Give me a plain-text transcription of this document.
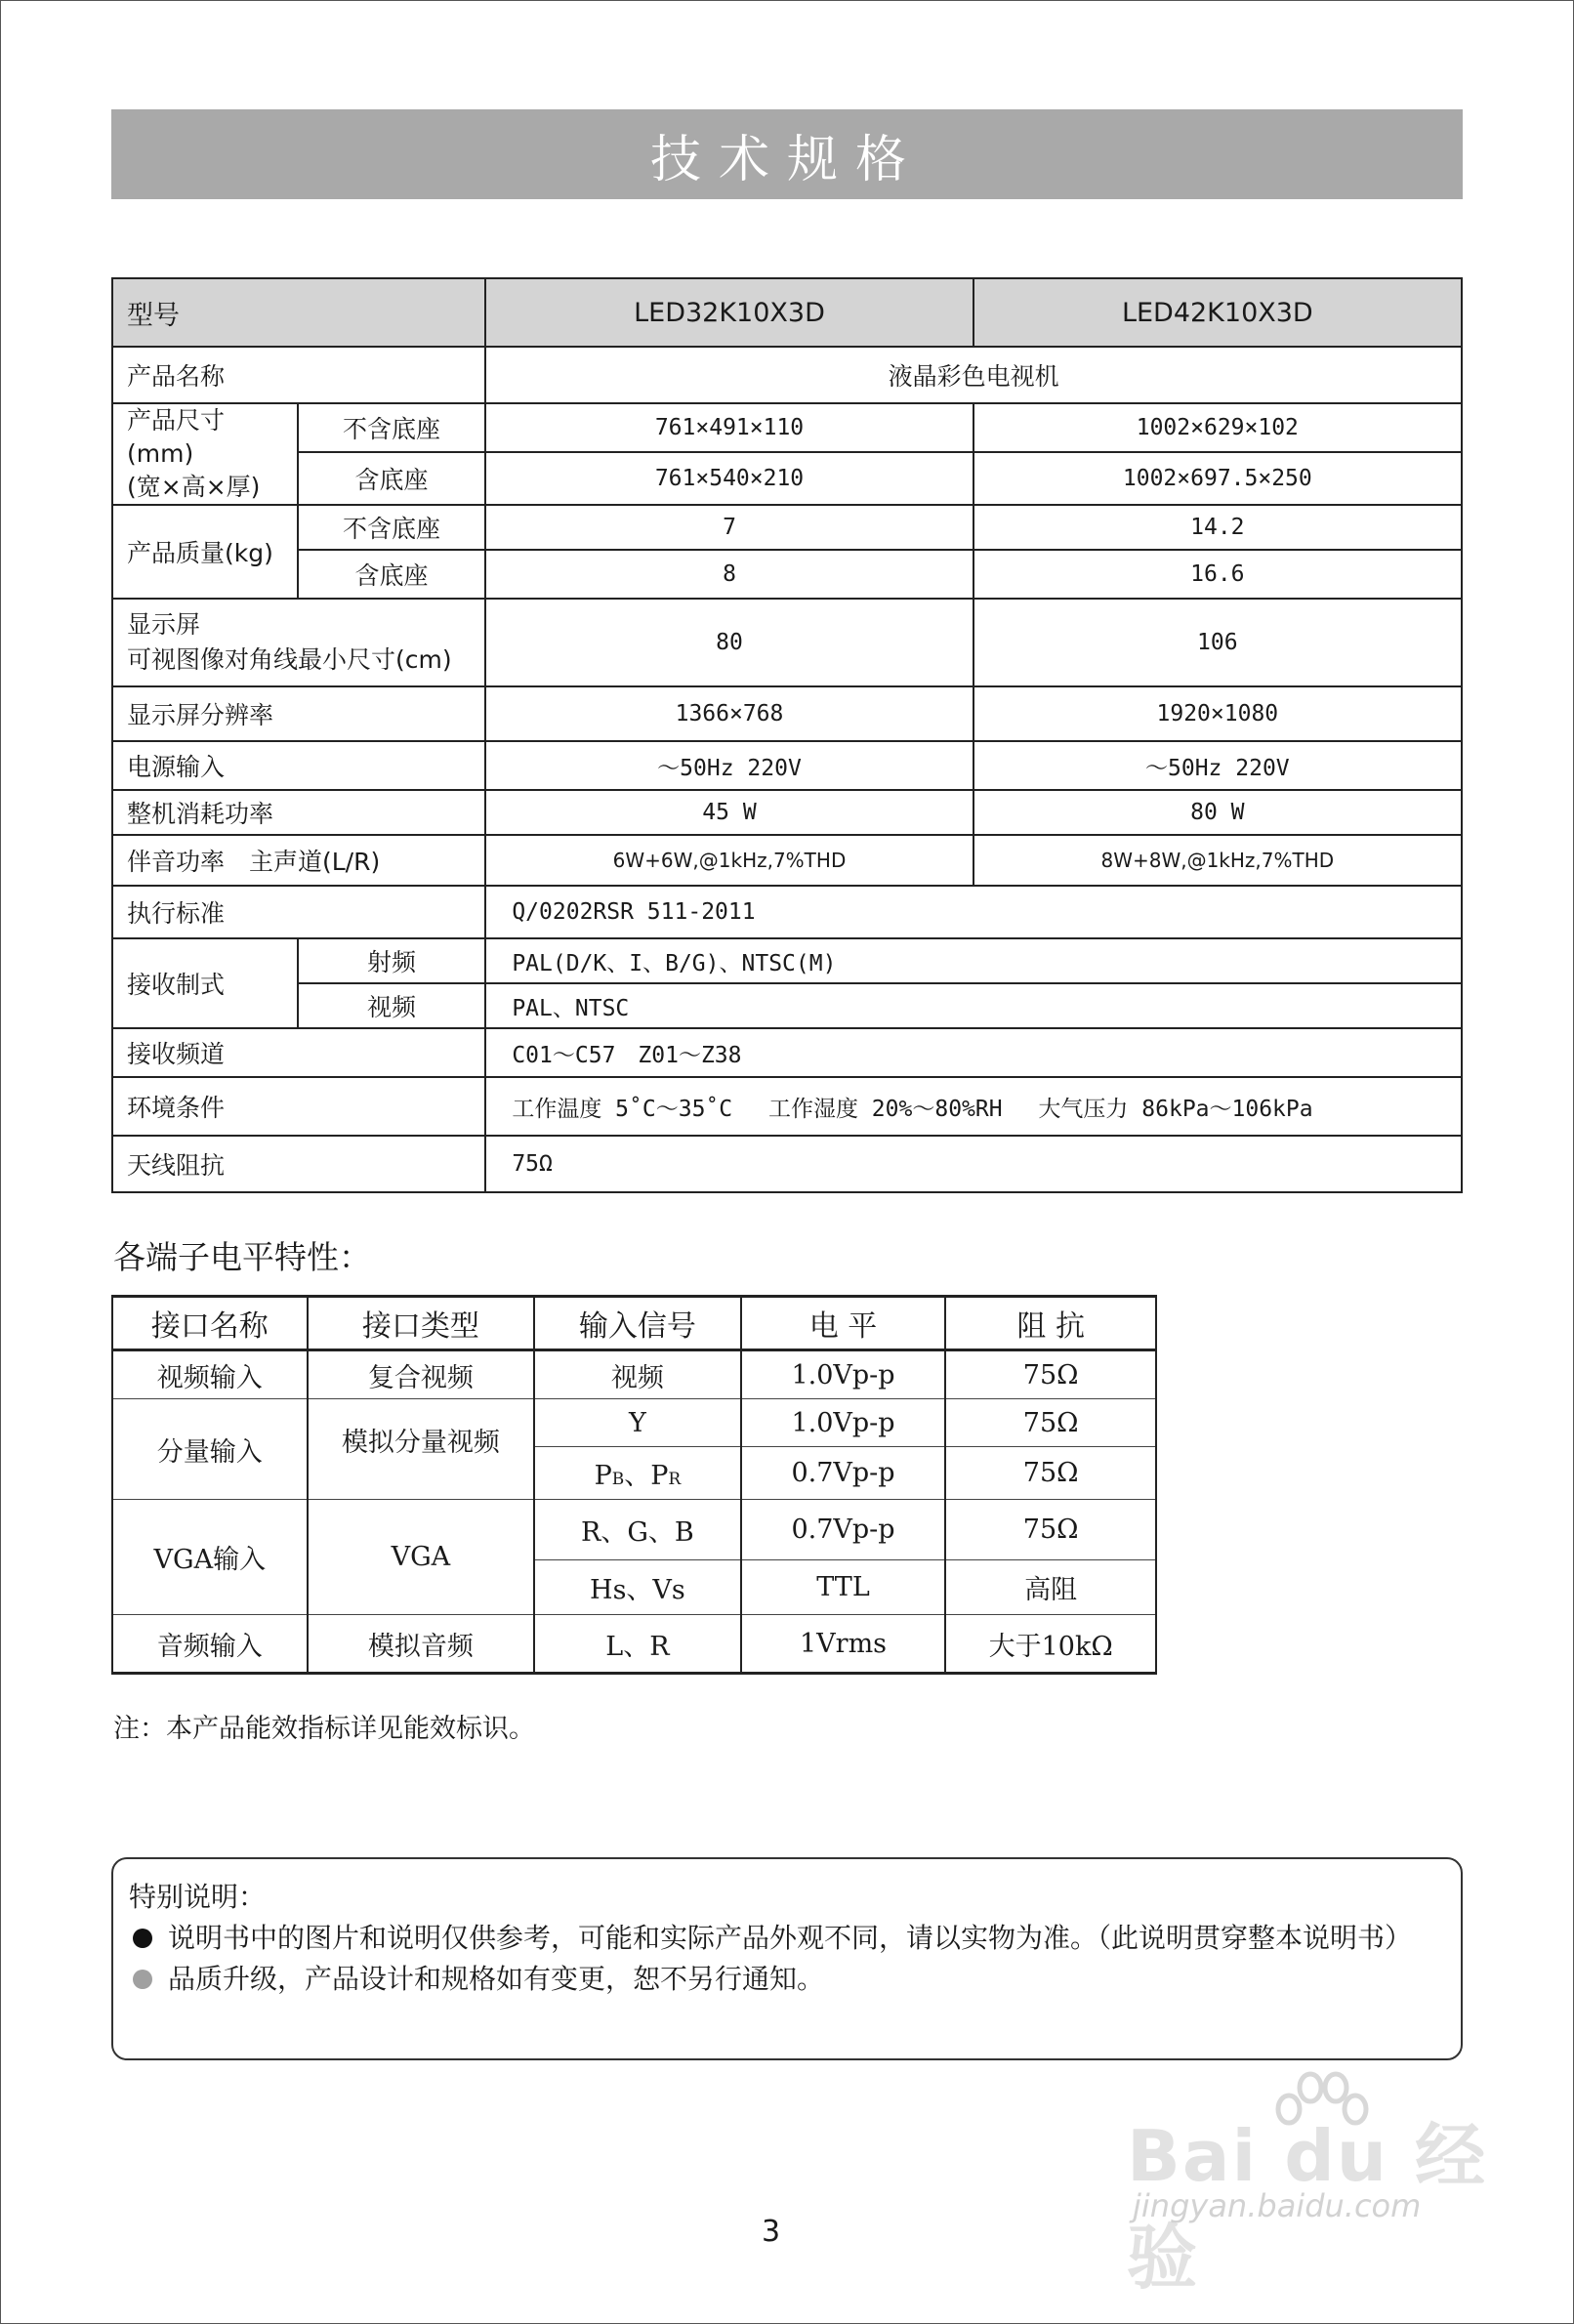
技术规格
型号		LED32K10X3D	LED42K10X3D
产品名称		液晶彩色电视机	

产品尺寸(mm)
(宽×高×厚)	不含底座	761×491×110	1002×629×102
	含底座	761×540×210	1002×697.5×250
产品质量(kg)	不含底座	7	14.2
	含底座	8	16.6

显示屏
可视图像对角线最小尺寸(cm)		80	106
显示屏分辨率		1366×768	1920×1080
电源输入		～50Hz 220V	～50Hz 220V
整机消耗功率		45 W	80 W
伴音功率　主声道(L/R)		6W+6W,@1kHz,7%THD	8W+8W,@1kHz,7%THD
执行标准		Q/0202RSR 511-2011	
接收制式	射频	PAL(D/K、I、B/G)、NTSC(M)	
	视频	PAL、NTSC	
接收频道		C01～C57　Z01～Z38	
环境条件		工作温度 5˚C～35˚C　 工作湿度 20%～80%RH　 大气压力 86kPa～106kPa	
天线阻抗		75Ω	
各端子电平特性：
接口名称	接口类型	输入信号	电 平	阻 抗
视频输入	复合视频	视频	1.0Vp-p	75Ω
分量输入	模拟分量视频	Y	1.0Vp-p	75Ω
		PB、PR	0.7Vp-p	75Ω
VGA输入	VGA	R、G、B	0.7Vp-p	75Ω
		Hs、Vs	TTL	高阻
音频输入	模拟音频	L、R	1Vrms	大于10kΩ
注：本产品能效指标详见能效标识。
特别说明：
说明书中的图片和说明仅供参考，可能和实际产品外观不同，请以实物为准。（此说明贯穿整本说明书）
品质升级，产品设计和规格如有变更，恕不另行通知。
3
Bai du 经验
jingyan.baidu.com
